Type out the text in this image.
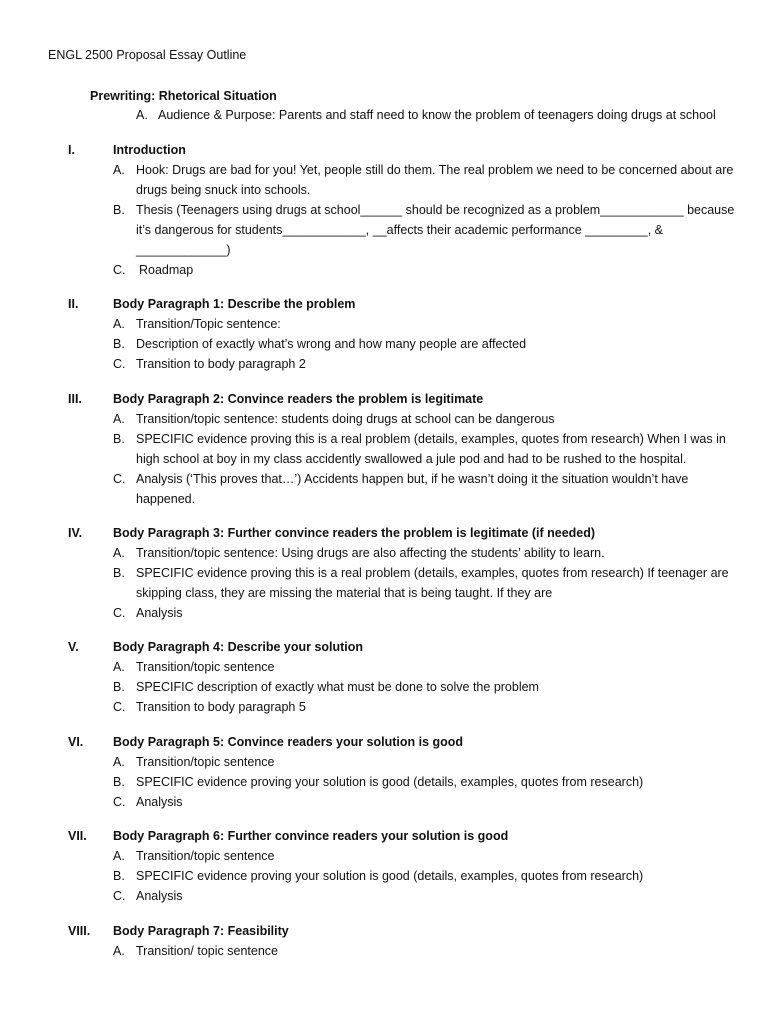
ENGL 2500 Proposal Essay Outline
Prewriting: Rhetorical Situation
A. Audience & Purpose: Parents and staff need to know the problem of teenagers doing drugs at school
I.	Introduction
A. Hook: Drugs are bad for you! Yet, people still do them. The real problem we need to be concerned about are drugs being snuck into schools.
B. Thesis (Teenagers using drugs at school______ should be recognized as a problem____________ because it’s dangerous for students____________, __affects their academic performance _________, & _____________)
C. Roadmap
II.	Body Paragraph 1: Describe the problem
A. Transition/Topic sentence:
B. Description of exactly what’s wrong and how many people are affected
C. Transition to body paragraph 2
III. Body Paragraph 2: Convince readers the problem is legitimate
A. Transition/topic sentence: students doing drugs at school can be dangerous
B. SPECIFIC evidence proving this is a real problem (details, examples, quotes from research) When I was in high school at boy in my class accidently swallowed a jule pod and had to be rushed to the hospital.
C. Analysis (‘This proves that…’) Accidents happen but, if he wasn’t doing it the situation wouldn’t have happened.
IV. Body Paragraph 3: Further convince readers the problem is legitimate (if needed)
A. Transition/topic sentence: Using drugs are also affecting the students’ ability to learn.
B. SPECIFIC evidence proving this is a real problem (details, examples, quotes from research) If teenager are skipping class, they are missing the material that is being taught. If they are
C. Analysis
V.	Body Paragraph 4: Describe your solution
A. Transition/topic sentence
B. SPECIFIC description of exactly what must be done to solve the problem
C. Transition to body paragraph 5
VI. Body Paragraph 5: Convince readers your solution is good
A. Transition/topic sentence
B. SPECIFIC evidence proving your solution is good (details, examples, quotes from research)
C. Analysis
VII. Body Paragraph 6: Further convince readers your solution is good
A. Transition/topic sentence
B. SPECIFIC evidence proving your solution is good (details, examples, quotes from research)
C. Analysis
VIII. Body Paragraph 7: Feasibility
A. Transition/ topic sentence
